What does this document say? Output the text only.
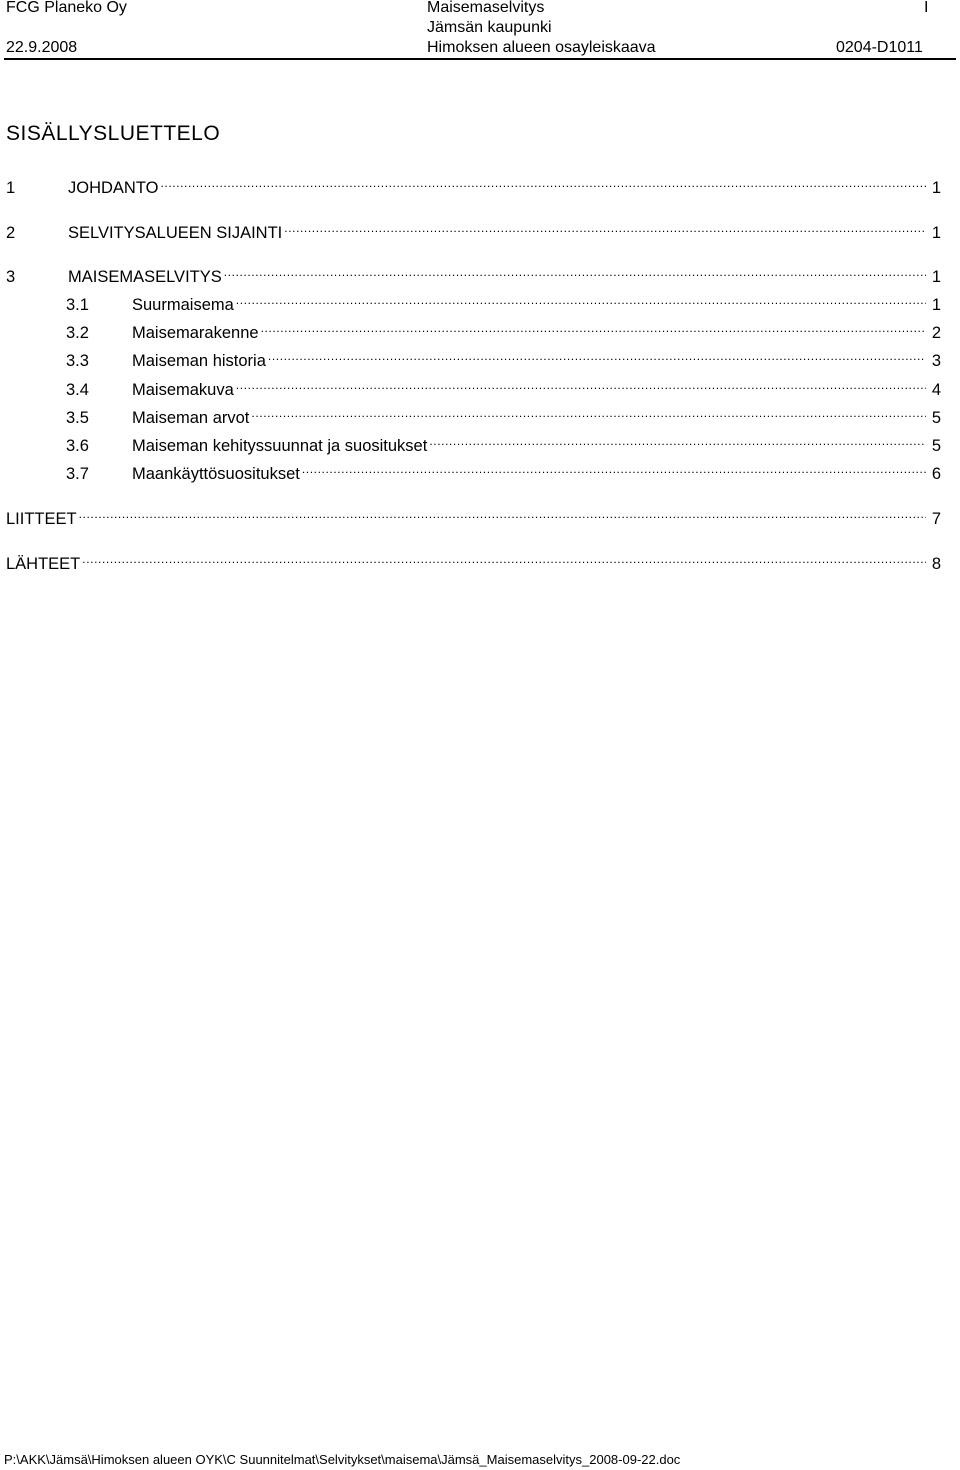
FCG Planeko Oy
22.9.2008
Maisemaselvitys
Jämsän kaupunki
Himoksen alueen osayleiskaava
I
0204-D1011
SISÄLLYSLUETTELO
1	JOHDANTO .....	1
2	SELVITYSALUEEN SIJAINTI .....	1
3	MAISEMASELVITYS .....	1
3.1	Suurmaisema .....	1
3.2	Maisemarakenne .....	2
3.3	Maiseman historia .....	3
3.4	Maisemakuva .....	4
3.5	Maiseman arvot .....	5
3.6	Maiseman kehityssuunnat ja suositukset .....	5
3.7	Maankäyttösuositukset .....	6
LIITTEET .....	7
LÄHTEET .....	8
P:\AKK\Jämsä\Himoksen alueen OYK\C Suunnitelmat\Selvitykset\maisema\Jämsä_Maisemaselvitys_2008-09-22.doc
